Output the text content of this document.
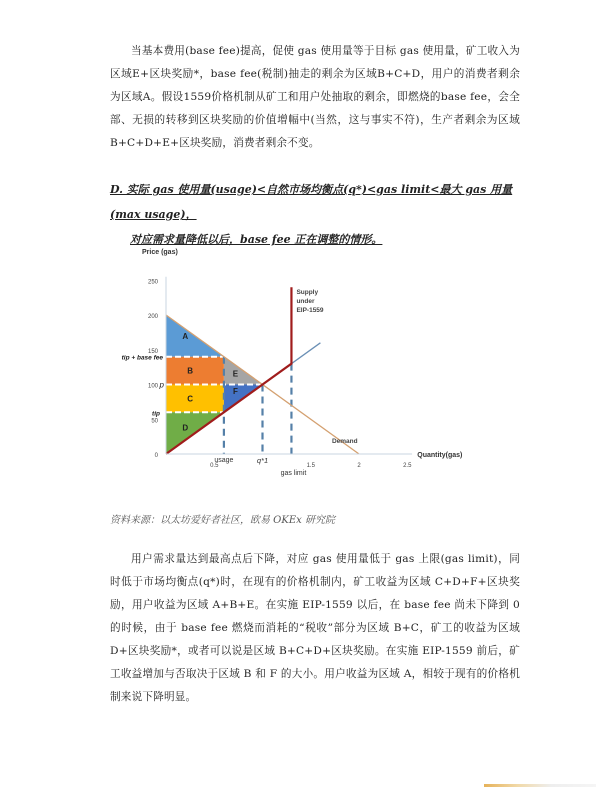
当基本费用(base fee)提高，促使 gas 使用量等于目标 gas 使用量，矿工收入为区域E+区块奖励*，base fee(税制)抽走的剩余为区域B+C+D，用户的消费者剩余为区域A。假设1559价格机制从矿工和用户处抽取的剩余，即燃烧的base fee，会全部、无损的转移到区块奖励的价值增幅中(当然，这与事实不符)，生产者剩余为区域 B+C+D+E+区块奖励，消费者剩余不变。
D. 实际 gas 使用量(usage)<自然市场均衡点(q*)<gas limit<最大 gas 用量(max usage)，
对应需求量降低以后，base fee 正在调整的情形。
Price (gas)
Quantity(gas)
0
50
100
150
200
250
0.5	1.5	2	2.5
tip + base fee
p
tip
A
B
C
D
E
F
usage	q*1
gas limit
Demand
Supply
under
EIP-1559
资料来源：以太坊爱好者社区，欧易 OKEx 研究院
用户需求量达到最高点后下降，对应 gas 使用量低于 gas 上限(gas limit)，同时低于市场均衡点(q*)时，在现有的价格机制内，矿工收益为区域 C+D+F+区块奖励，用户收益为区域 A+B+E。在实施 EIP-1559 以后，在 base fee 尚未下降到 0 的时候，由于 base fee 燃烧而消耗的“税收”部分为区域 B+C，矿工的收益为区域 D+区块奖励*，或者可以说是区域 B+C+D+区块奖励。在实施 EIP-1559 前后，矿工收益增加与否取决于区域 B 和 F 的大小。用户收益为区域 A，相较于现有的价格机制来说下降明显。
